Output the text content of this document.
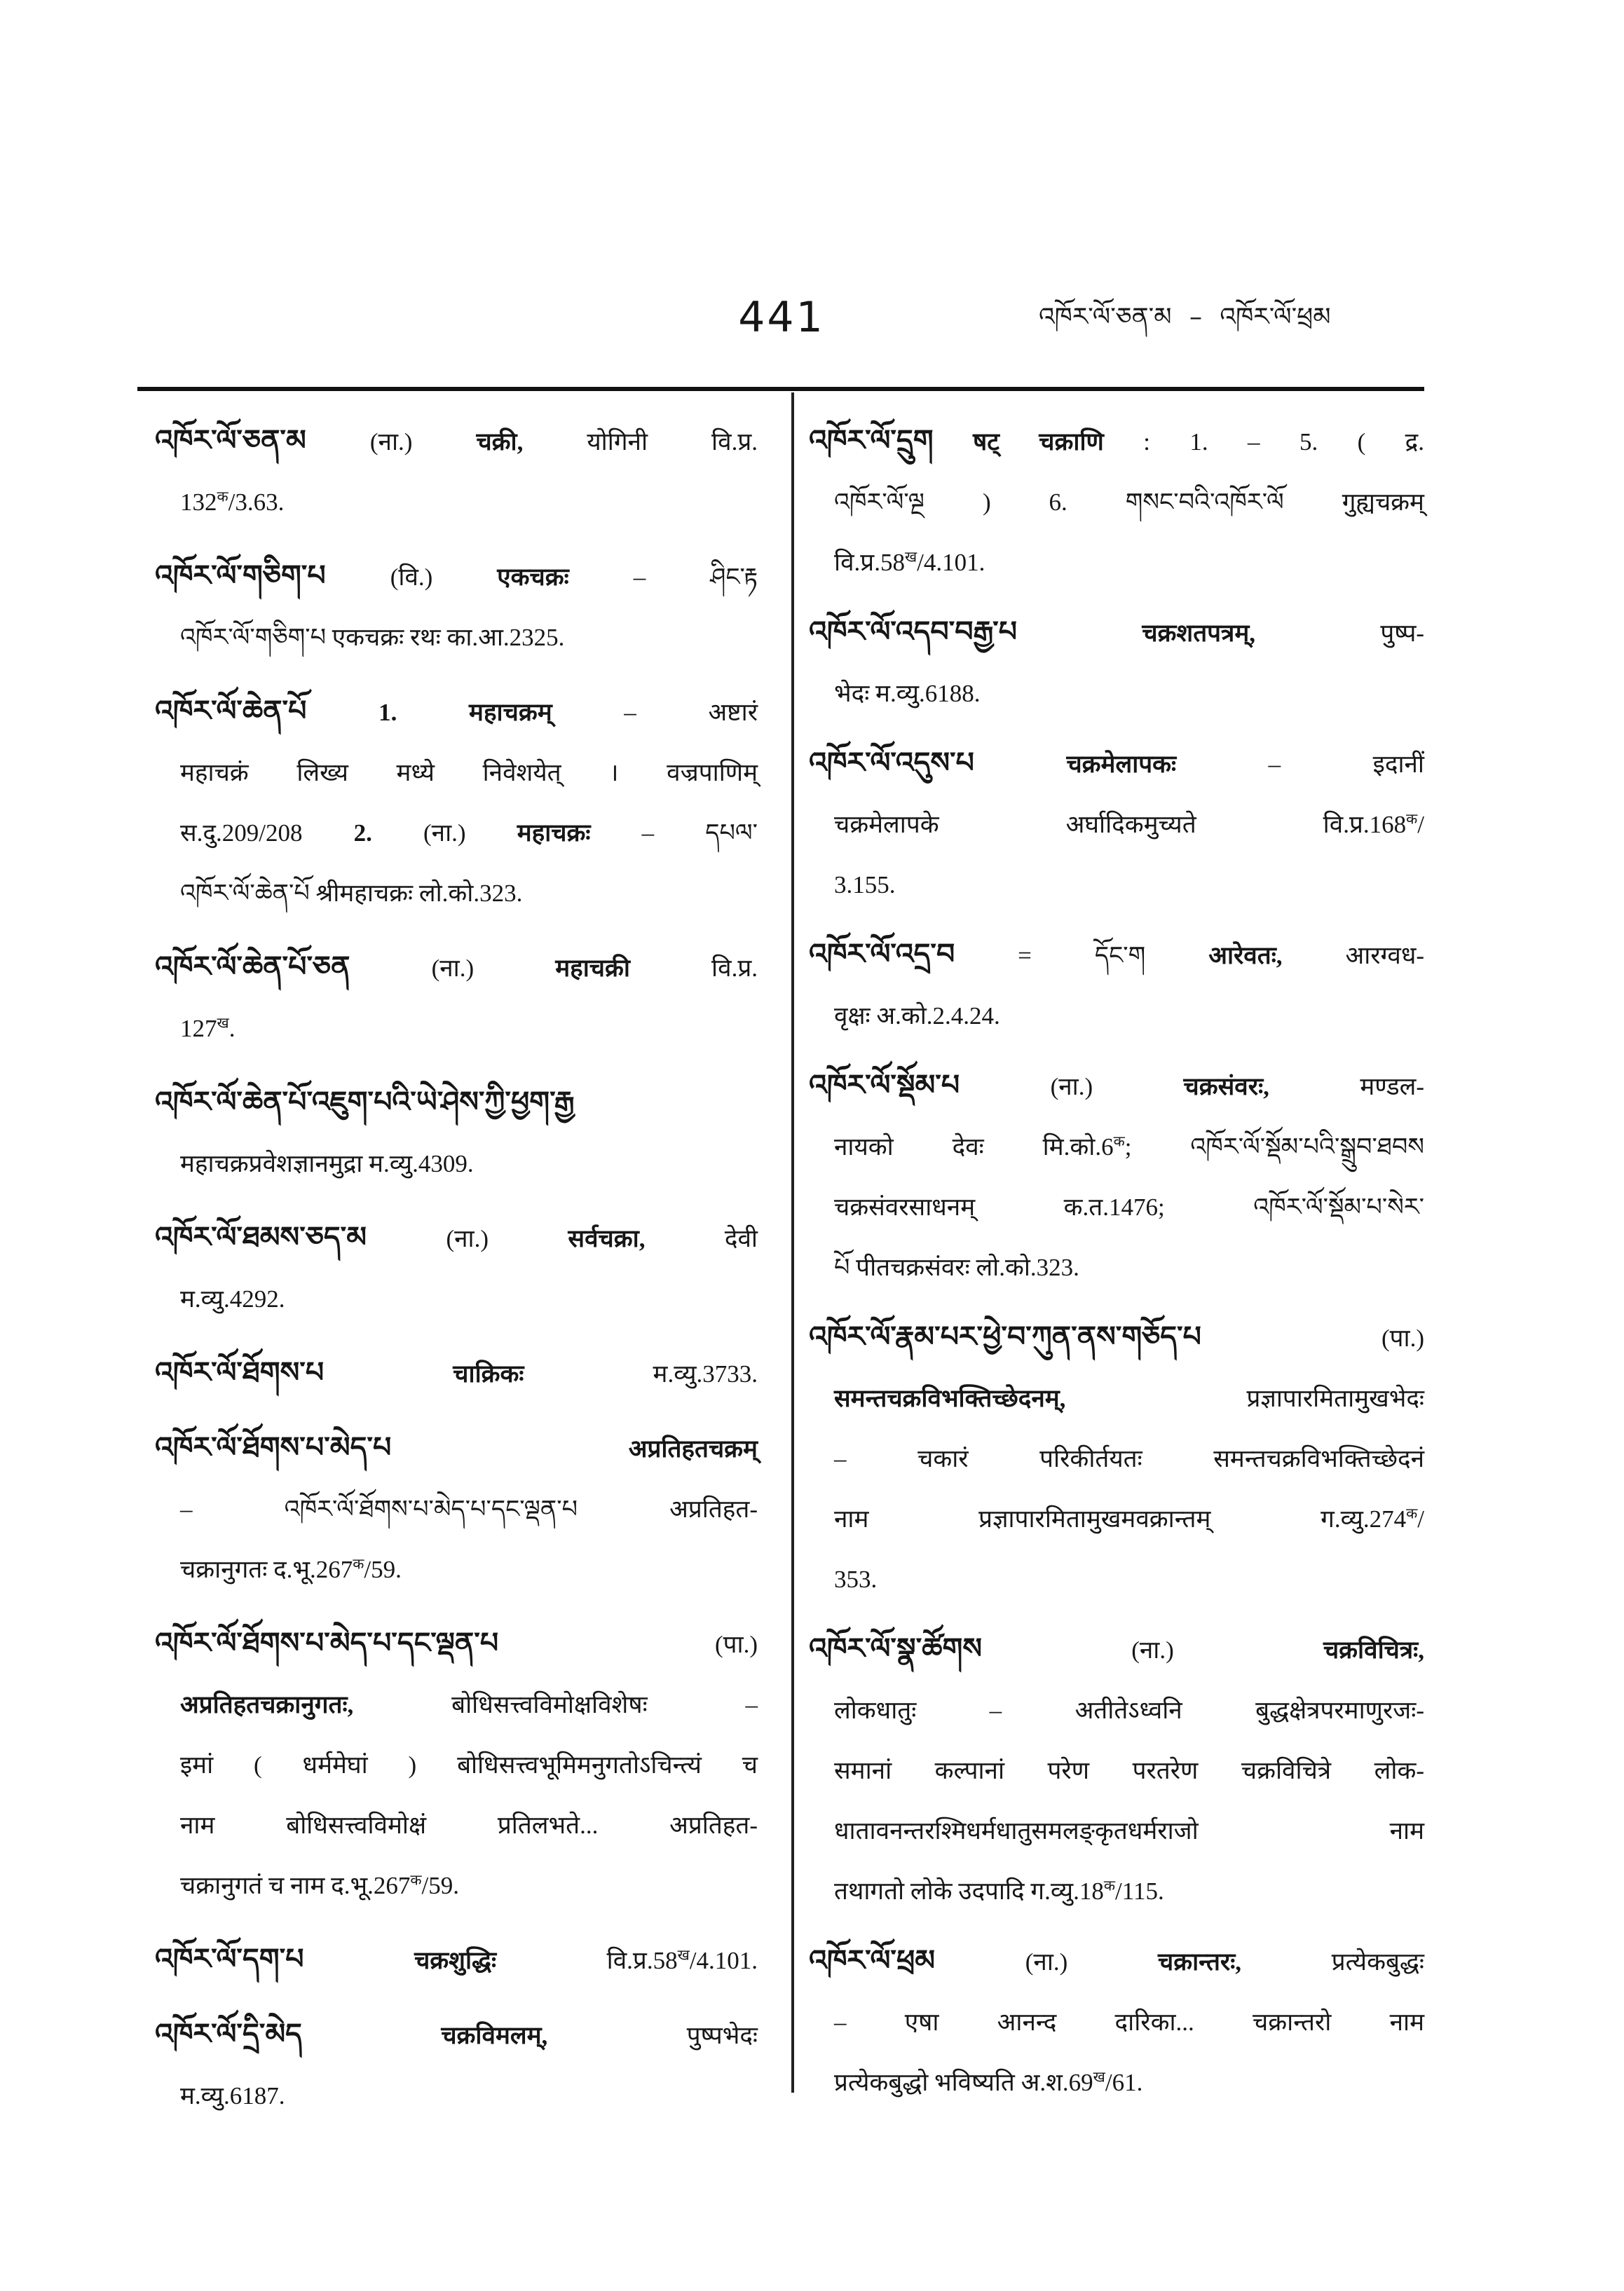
441	འཁོར་ལོ་ཅན་མ – འཁོར་ལོ་ཕྲམ
འཁོར་ལོ་ཅན་མ	(ना.) चक्री, योगिनी वि.प्र.
$132^क/3.63$.
འཁོར་ལོ་གཅིག་པ	(वि.) एकचक्रः – ཤིང་རྟ
འཁོར་ལོ་གཅིག་པ एकचक्रः रथः का.आ.2325.
འཁོར་ལོ་ཆེན་པོ	1. महाचक्रम् – अष्टारं
महाचक्रं लिख्य मध्ये निवेशयेत् । वज्रपाणिम्
स.दु.209/208 2. (ना.) महाचक्रः – དཔལ་
འཁོར་ལོ་ཆེན་པོ श्रीमहाचक्रः लो.को.323.
འཁོར་ལོ་ཆེན་པོ་ཅན	(ना.) महाचक्री वि.प्र.
$127^ख$.
འཁོར་ལོ་ཆེན་པོ་འཇུག་པའི་ཡེ་ཤེས་ཀྱི་ཕྱག་རྒྱ
महाचक्रप्रवेशज्ञानमुद्रा म.व्यु.4309.
འཁོར་ལོ་ཐམས་ཅད་མ	(ना.) सर्वचक्रा, देवी
म.व्यु.4292.
འཁོར་ལོ་ཐོགས་པ	चाक्रिकः म.व्यु.3733.
འཁོར་ལོ་ཐོགས་པ་མེད་པ	अप्रतिहतचक्रम्
– འཁོར་ལོ་ཐོགས་པ་མེད་པ་དང་ལྡན་པ अप्रतिहत-
चक्रानुगतः $द.भू.267^क/59$.
འཁོར་ལོ་ཐོགས་པ་མེད་པ་དང་ལྡན་པ	(पा.)
अप्रतिहतचक्रानुगतः, बोधिसत्त्वविमोक्षविशेषः –
इमां ( धर्ममेघां ) बोधिसत्त्वभूमिमनुगतोऽचिन्त्यं च
नाम बोधिसत्त्वविमोक्षं प्रतिलभते... अप्रतिहत-
चक्रानुगतं च नाम $द.भू.267^क/59$.
འཁོར་ལོ་དག་པ	चक्रशुद्धिः $वि.प्र.58^ख/4.101$.
འཁོར་ལོ་དྲི་མེད	चक्रविमलम्, पुष्पभेदः
म.व्यु.6187.
འཁོར་ལོ་དྲུག षट् चक्राणि : 1. – 5. ( द्र.
འཁོར་ལོ་ལྔ ) 6. གསང་བའི་འཁོར་ལོ गुह्यचक्रम्
$वि.प्र.58^ख/4.101$.
འཁོར་ལོ་འདབ་བརྒྱ་པ	चक्रशतपत्रम्, पुष्प-
भेदः म.व्यु.6188.
འཁོར་ལོ་འདུས་པ	चक्रमेलापकः – इदानीं
चक्रमेलापके अर्घादिकमुच्यते $वि.प्र.168^क/$
3.155.
འཁོར་ལོ་འདྲ་བ	= དོང་ག आरेवतः, आरग्वध-
वृक्षः अ.को.2.4.24.
འཁོར་ལོ་སྡོམ་པ	(ना.) चक्रसंवरः, मण्डल-
नायको देवः $मि.को.6^क$; འཁོར་ལོ་སྡོམ་པའི་སྒྲུབ་ཐབས
चक्रसंवरसाधनम् क.त.1476; འཁོར་ལོ་སྡོམ་པ་སེར་
པོ पीतचक्रसंवरः लो.को.323.
འཁོར་ལོ་རྣམ་པར་ཕྱེ་བ་ཀུན་ནས་གཅོད་པ	(पा.)
समन्तचक्रविभक्तिच्छेदनम्, प्रज्ञापारमितामुखभेदः
– चकारं परिकीर्तयतः समन्तचक्रविभक्तिच्छेदनं
नाम प्रज्ञापारमितामुखमवक्रान्तम् $ग.व्यु.274^क/$
353.
འཁོར་ལོ་སྣ་ཚོགས	(ना.) चक्रविचित्रः,
लोकधातुः – अतीतेऽध्वनि बुद्धक्षेत्रपरमाणुरजः-
समानां कल्पानां परेण परतरेण चक्रविचित्रे लोक-
धातावनन्तरश्मिधर्मधातुसमलङ्कृतधर्मराजो नाम
तथागतो लोके उदपादि $ग.व्यु.18^क/115$.
འཁོར་ལོ་ཕྲམ	(ना.) चक्रान्तरः, प्रत्येकबुद्धः
– एषा आनन्द दारिका... चक्रान्तरो नाम
प्रत्येकबुद्धो भविष्यति $अ.श.69^ख/61$.
